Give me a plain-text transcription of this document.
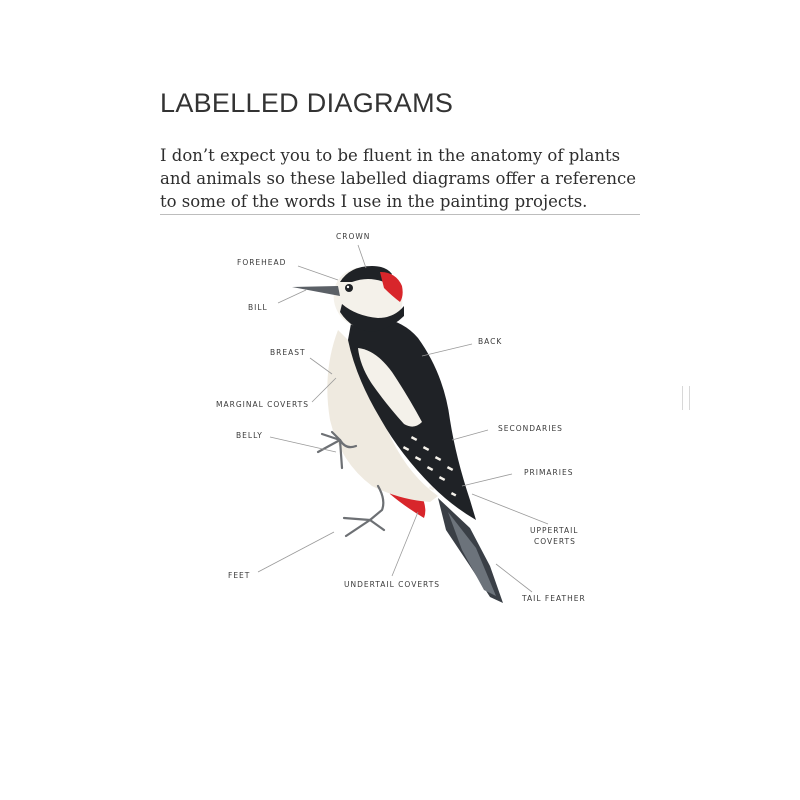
LABELLED DIAGRAMS

I don’t expect you to be fluent in the anatomy of plants and animals so these labelled diagrams offer a reference to some of the words I use in the painting projects.

CROWN
FOREHEAD
BILL
BREAST
MARGINAL COVERTS
BELLY
FEET
UNDERTAIL COVERTS
BACK
SECONDARIES
PRIMARIES
UPPERTAIL
COVERTS
TAIL FEATHER
